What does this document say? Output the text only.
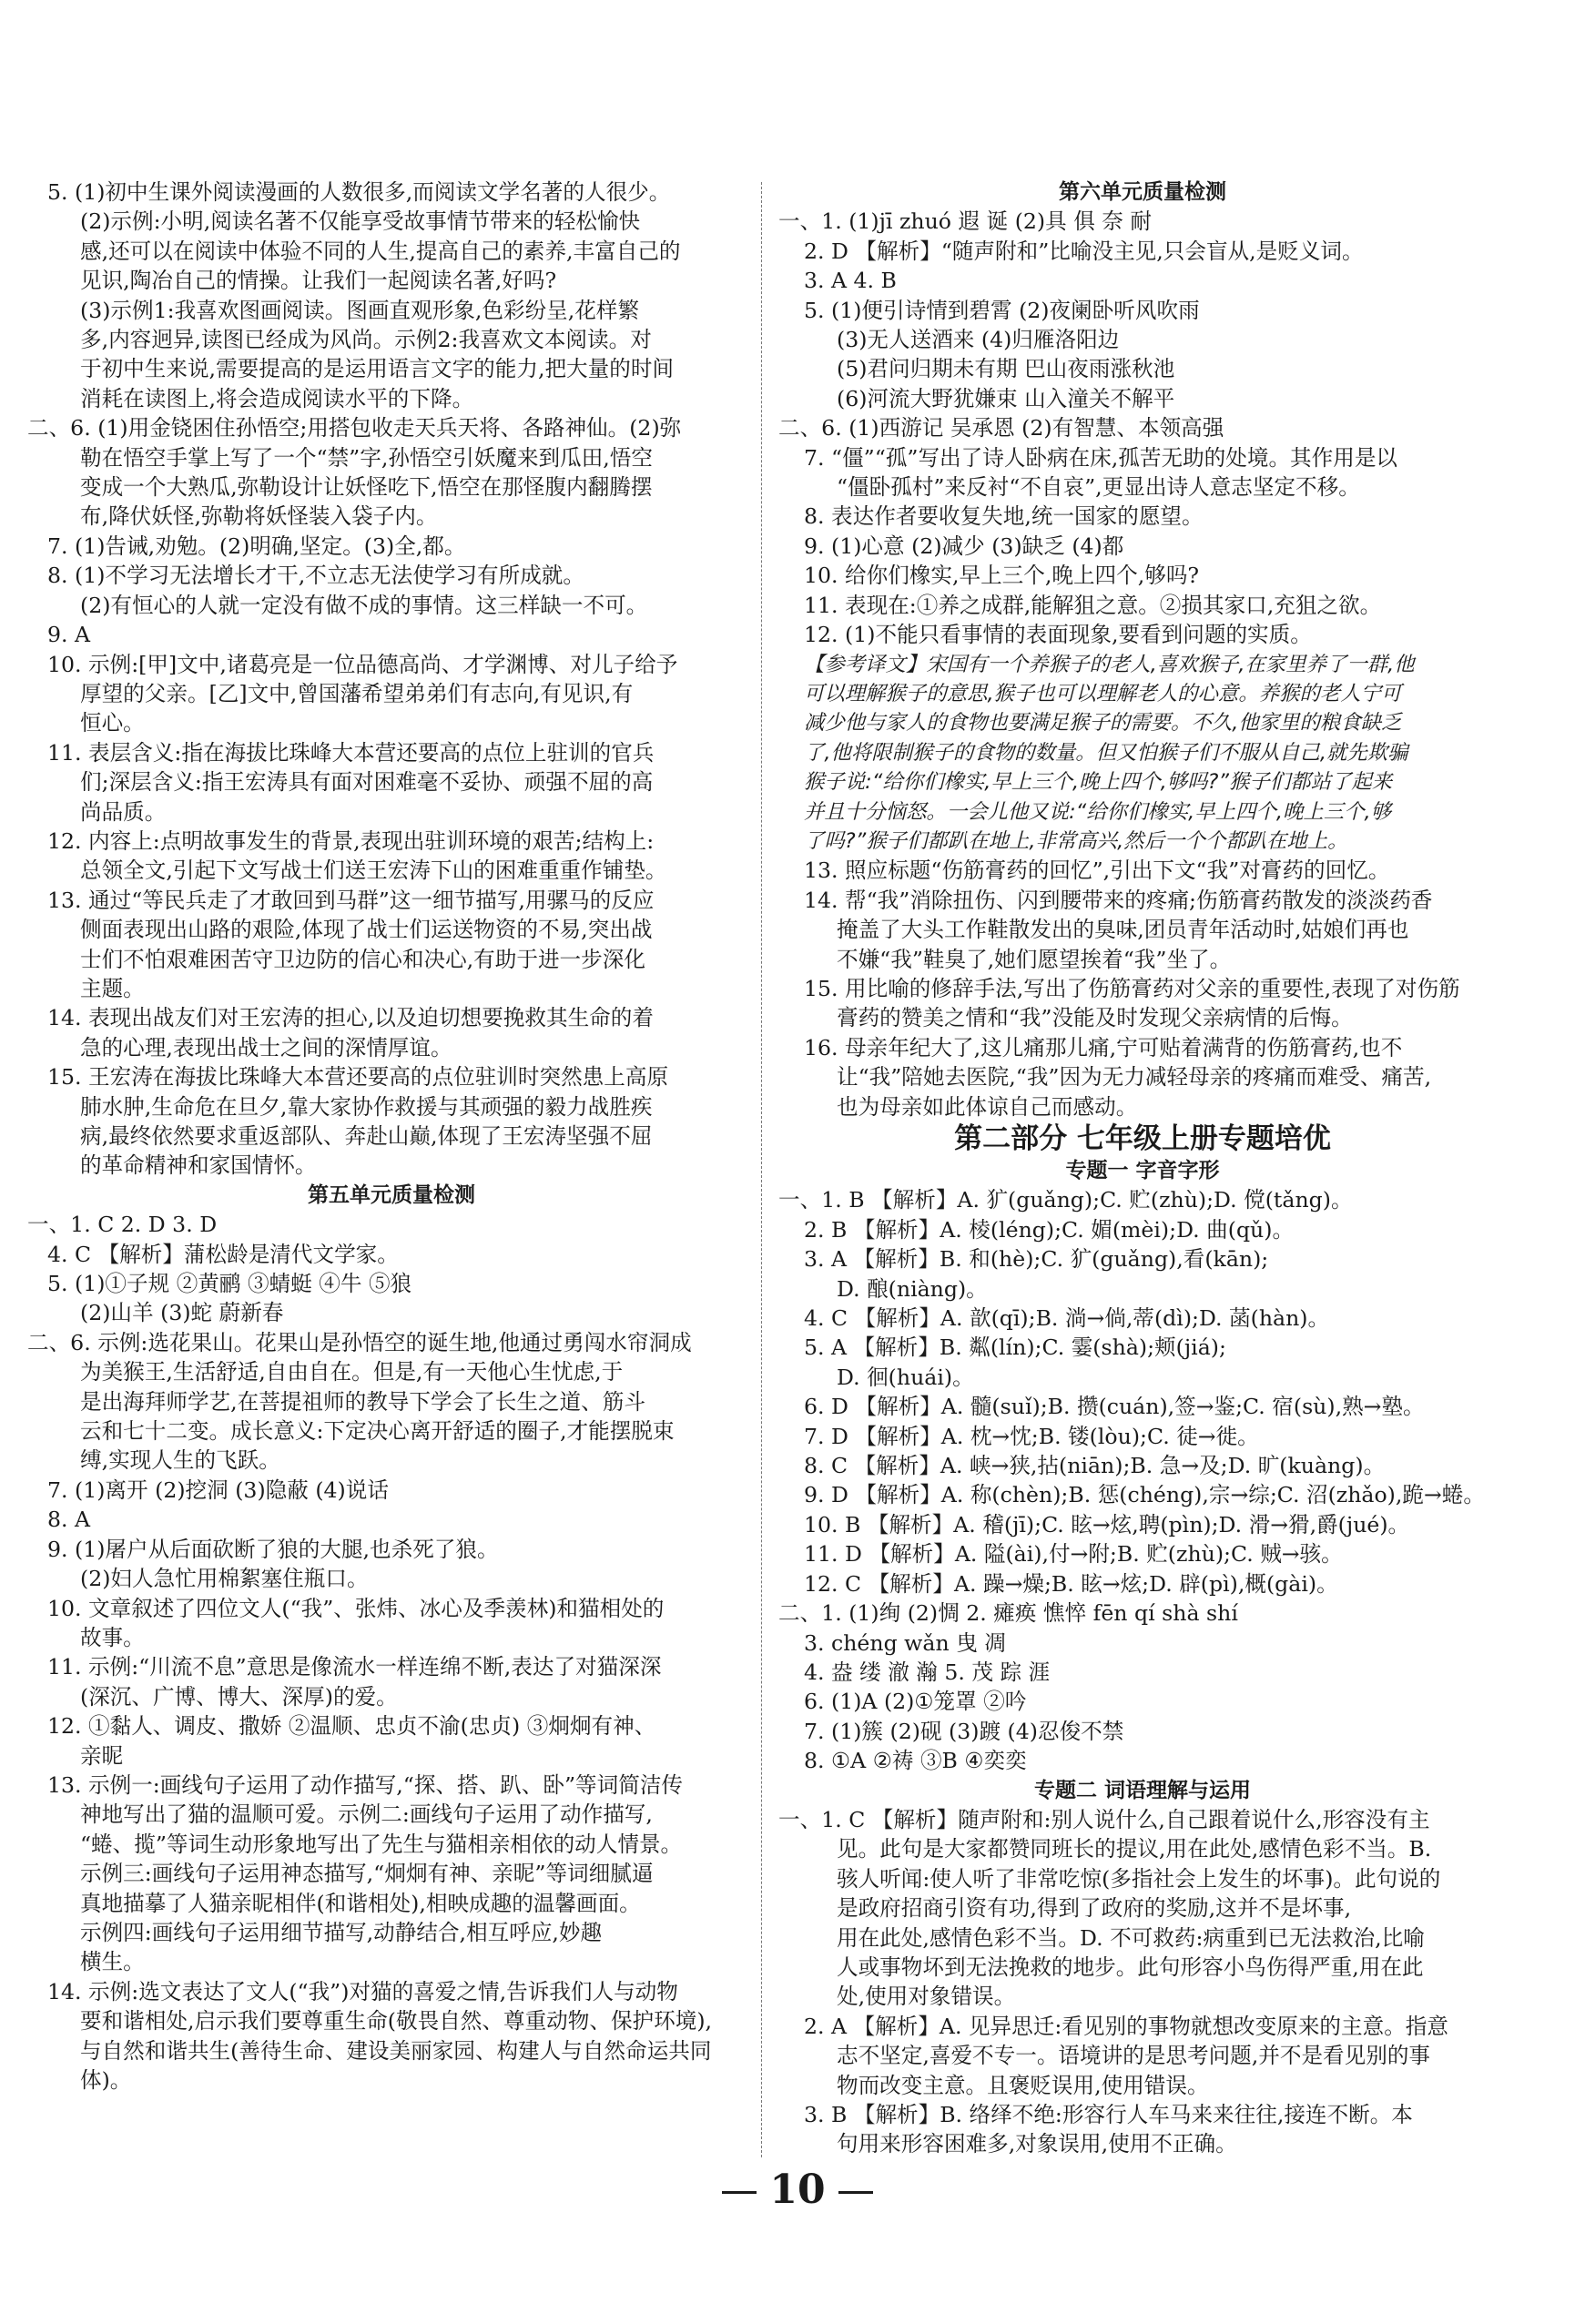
5. (1)初中生课外阅读漫画的人数很多,而阅读文学名著的人很少。
(2)示例:小明,阅读名著不仅能享受故事情节带来的轻松愉快
感,还可以在阅读中体验不同的人生,提高自己的素养,丰富自己的
见识,陶冶自己的情操。让我们一起阅读名著,好吗?
(3)示例1:我喜欢图画阅读。图画直观形象,色彩纷呈,花样繁
多,内容迥异,读图已经成为风尚。示例2:我喜欢文本阅读。对
于初中生来说,需要提高的是运用语言文字的能力,把大量的时间
消耗在读图上,将会造成阅读水平的下降。
二、6. (1)用金铙困住孙悟空;用搭包收走天兵天将、各路神仙。(2)弥
勒在悟空手掌上写了一个“禁”字,孙悟空引妖魔来到瓜田,悟空
变成一个大熟瓜,弥勒设计让妖怪吃下,悟空在那怪腹内翻腾摆
布,降伏妖怪,弥勒将妖怪装入袋子内。
7. (1)告诫,劝勉。(2)明确,坚定。(3)全,都。
8. (1)不学习无法增长才干,不立志无法使学习有所成就。
(2)有恒心的人就一定没有做不成的事情。这三样缺一不可。
9. A
10. 示例:[甲]文中,诸葛亮是一位品德高尚、才学渊博、对儿子给予
厚望的父亲。[乙]文中,曾国藩希望弟弟们有志向,有见识,有
恒心。
11. 表层含义:指在海拔比珠峰大本营还要高的点位上驻训的官兵
们;深层含义:指王宏涛具有面对困难毫不妥协、顽强不屈的高
尚品质。
12. 内容上:点明故事发生的背景,表现出驻训环境的艰苦;结构上:
总领全文,引起下文写战士们送王宏涛下山的困难重重作铺垫。
13. 通过“等民兵走了才敢回到马群”这一细节描写,用骡马的反应
侧面表现出山路的艰险,体现了战士们运送物资的不易,突出战
士们不怕艰难困苦守卫边防的信心和决心,有助于进一步深化
主题。
14. 表现出战友们对王宏涛的担心,以及迫切想要挽救其生命的着
急的心理,表现出战士之间的深情厚谊。
15. 王宏涛在海拔比珠峰大本营还要高的点位驻训时突然患上高原
肺水肿,生命危在旦夕,靠大家协作救援与其顽强的毅力战胜疾
病,最终依然要求重返部队、奔赴山巅,体现了王宏涛坚强不屈
的革命精神和家国情怀。
第五单元质量检测
一、1. C 2. D 3. D
4. C 【解析】蒲松龄是清代文学家。
5. (1)①子规 ②黄鹂 ③蜻蜓 ④牛 ⑤狼
(2)山羊 (3)蛇 蔚新春
二、6. 示例:选花果山。花果山是孙悟空的诞生地,他通过勇闯水帘洞成
为美猴王,生活舒适,自由自在。但是,有一天他心生忧虑,于
是出海拜师学艺,在菩提祖师的教导下学会了长生之道、筋斗
云和七十二变。成长意义:下定决心离开舒适的圈子,才能摆脱束
缚,实现人生的飞跃。
7. (1)离开 (2)挖洞 (3)隐蔽 (4)说话
8. A
9. (1)屠户从后面砍断了狼的大腿,也杀死了狼。
(2)妇人急忙用棉絮塞住瓶口。
10. 文章叙述了四位文人(“我”、张炜、冰心及季羡林)和猫相处的
故事。
11. 示例:“川流不息”意思是像流水一样连绵不断,表达了对猫深深
(深沉、广博、博大、深厚)的爱。
12. ①黏人、调皮、撒娇 ②温顺、忠贞不渝(忠贞) ③炯炯有神、
亲昵
13. 示例一:画线句子运用了动作描写,“探、搭、趴、卧”等词简洁传
神地写出了猫的温顺可爱。示例二:画线句子运用了动作描写,
“蜷、揽”等词生动形象地写出了先生与猫相亲相依的动人情景。
示例三:画线句子运用神态描写,“炯炯有神、亲昵”等词细腻逼
真地描摹了人猫亲昵相伴(和谐相处),相映成趣的温馨画面。
示例四:画线句子运用细节描写,动静结合,相互呼应,妙趣
横生。
14. 示例:选文表达了文人(“我”)对猫的喜爱之情,告诉我们人与动物
要和谐相处,启示我们要尊重生命(敬畏自然、尊重动物、保护环境),
与自然和谐共生(善待生命、建设美丽家园、构建人与自然命运共同
体)。
第六单元质量检测
一、1. (1)jī zhuó 遐 诞 (2)具 俱 奈 耐
2. D 【解析】“随声附和”比喻没主见,只会盲从,是贬义词。
3. A 4. B
5. (1)便引诗情到碧霄 (2)夜阑卧听风吹雨
(3)无人送酒来 (4)归雁洛阳边
(5)君问归期未有期 巴山夜雨涨秋池
(6)河流大野犹嫌束 山入潼关不解平
二、6. (1)西游记 吴承恩 (2)有智慧、本领高强
7. “僵”“孤”写出了诗人卧病在床,孤苦无助的处境。其作用是以
“僵卧孤村”来反衬“不自哀”,更显出诗人意志坚定不移。
8. 表达作者要收复失地,统一国家的愿望。
9. (1)心意 (2)减少 (3)缺乏 (4)都
10. 给你们橡实,早上三个,晚上四个,够吗?
11. 表现在:①养之成群,能解狙之意。②损其家口,充狙之欲。
12. (1)不能只看事情的表面现象,要看到问题的实质。
【参考译文】宋国有一个养猴子的老人,喜欢猴子,在家里养了一群,他
可以理解猴子的意思,猴子也可以理解老人的心意。养猴的老人宁可
减少他与家人的食物也要满足猴子的需要。不久,他家里的粮食缺乏
了,他将限制猴子的食物的数量。但又怕猴子们不服从自己,就先欺骗
猴子说:“给你们橡实,早上三个,晚上四个,够吗?”猴子们都站了起来
并且十分恼怒。一会儿他又说:“给你们橡实,早上四个,晚上三个,够
了吗?”猴子们都趴在地上,非常高兴,然后一个个都趴在地上。
13. 照应标题“伤筋膏药的回忆”,引出下文“我”对膏药的回忆。
14. 帮“我”消除扭伤、闪到腰带来的疼痛;伤筋膏药散发的淡淡药香
掩盖了大头工作鞋散发出的臭味,团员青年活动时,姑娘们再也
不嫌“我”鞋臭了,她们愿望挨着“我”坐了。
15. 用比喻的修辞手法,写出了伤筋膏药对父亲的重要性,表现了对伤筋
膏药的赞美之情和“我”没能及时发现父亲病情的后悔。
16. 母亲年纪大了,这儿痛那儿痛,宁可贴着满背的伤筋膏药,也不
让“我”陪她去医院,“我”因为无力减轻母亲的疼痛而难受、痛苦,
也为母亲如此体谅自己而感动。
第二部分 七年级上册专题培优
专题一 字音字形
一、1. B 【解析】A. 犷(guǎng);C. 贮(zhù);D. 傥(tǎng)。
2. B 【解析】A. 棱(léng);C. 媚(mèi);D. 曲(qǔ)。
3. A 【解析】B. 和(hè);C. 犷(guǎng),看(kān);
D. 酿(niàng)。
4. C 【解析】A. 歆(qī);B. 淌→倘,蒂(dì);D. 菡(hàn)。
5. A 【解析】B. 粼(lín);C. 霎(shà);颊(jiá);
D. 徊(huái)。
6. D 【解析】A. 髓(suǐ);B. 攒(cuán),签→鉴;C. 宿(sù),熟→塾。
7. D 【解析】A. 枕→忱;B. 镂(lòu);C. 徒→徙。
8. C 【解析】A. 峡→狭,拈(niān);B. 急→及;D. 旷(kuàng)。
9. D 【解析】A. 称(chèn);B. 惩(chéng),宗→综;C. 沼(zhǎo),跪→蜷。
10. B 【解析】A. 稽(jī);C. 眩→炫,聘(pìn);D. 滑→猾,爵(jué)。
11. D 【解析】A. 隘(ài),付→附;B. 贮(zhù);C. 贼→骇。
12. C 【解析】A. 躁→燥;B. 眩→炫;D. 辟(pì),概(gài)。
二、1. (1)绚 (2)惆 2. 瘫痪 憔悴 fēn qí shà shí
3. chéng wǎn 曳 凋
4. 盎 缕 澈 瀚 5. 茂 踪 涯
6. (1)A (2)①笼罩 ②吟
7. (1)簇 (2)砚 (3)踱 (4)忍俊不禁
8. ①A ②祷 ③B ④奕奕
专题二 词语理解与运用
一、1. C 【解析】随声附和:别人说什么,自己跟着说什么,形容没有主
见。此句是大家都赞同班长的提议,用在此处,感情色彩不当。B.
骇人听闻:使人听了非常吃惊(多指社会上发生的坏事)。此句说的
是政府招商引资有功,得到了政府的奖励,这并不是坏事,
用在此处,感情色彩不当。D. 不可救药:病重到已无法救治,比喻
人或事物坏到无法挽救的地步。此句形容小鸟伤得严重,用在此
处,使用对象错误。
2. A 【解析】A. 见异思迁:看见别的事物就想改变原来的主意。指意
志不坚定,喜爱不专一。语境讲的是思考问题,并不是看见别的事
物而改变主意。且褒贬误用,使用错误。
3. B 【解析】B. 络绎不绝:形容行人车马来来往往,接连不断。本
句用来形容困难多,对象误用,使用不正确。
10
